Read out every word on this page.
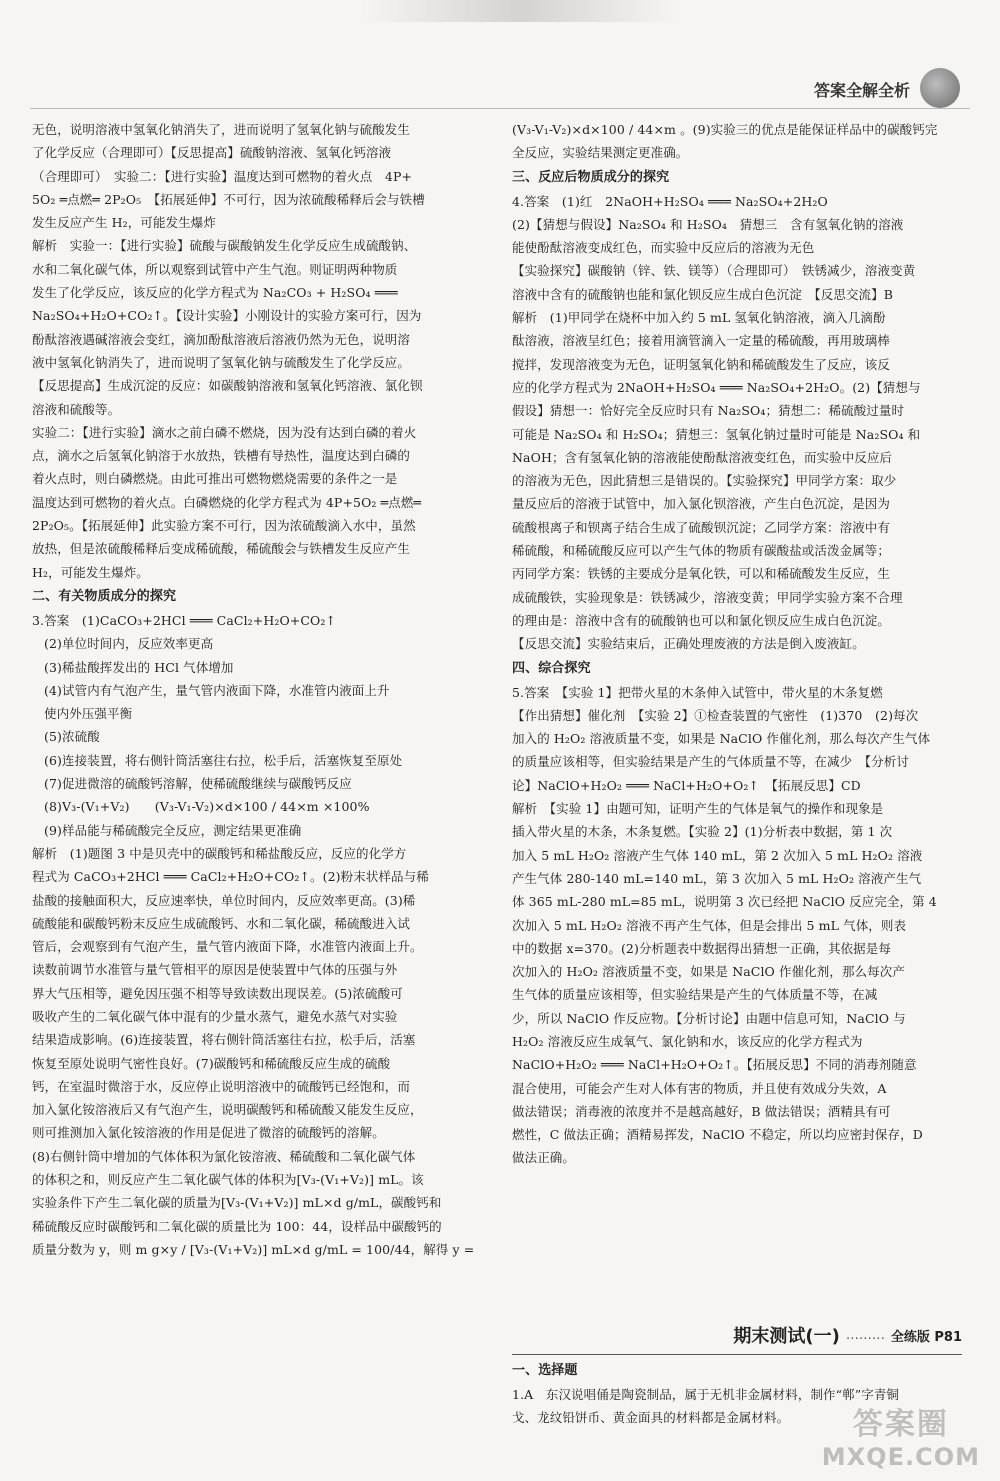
答案全解全析
无色，说明溶液中氢氧化钠消失了，进而说明了氢氧化钠与硫酸发生
了化学反应（合理即可）【反思提高】硫酸钠溶液、氢氧化钙溶液
（合理即可）　实验二：【进行实验】温度达到可燃物的着火点　4P+
5O₂ ═点燃═ 2P₂O₅　【拓展延伸】不可行，因为浓硫酸稀释后会与铁槽
发生反应产生 H₂，可能发生爆炸
解析　实验一：【进行实验】硫酸与碳酸钠发生化学反应生成硫酸钠、
水和二氧化碳气体，所以观察到试管中产生气泡。则证明两种物质
发生了化学反应，该反应的化学方程式为 Na₂CO₃ + H₂SO₄ ═══
Na₂SO₄+H₂O+CO₂↑。【设计实验】小刚设计的实验方案可行，因为
酚酞溶液遇碱溶液会变红，滴加酚酞溶液后溶液仍然为无色，说明溶
液中氢氧化钠消失了，进而说明了氢氧化钠与硫酸发生了化学反应。
【反思提高】生成沉淀的反应：如碳酸钠溶液和氢氧化钙溶液、氯化钡
溶液和硫酸等。
实验二：【进行实验】滴水之前白磷不燃烧，因为没有达到白磷的着火
点，滴水之后氢氧化钠溶于水放热，铁槽有导热性，温度达到白磷的
着火点时，则白磷燃烧。由此可推出可燃物燃烧需要的条件之一是
温度达到可燃物的着火点。白磷燃烧的化学方程式为 4P+5O₂ ═点燃═
2P₂O₅。【拓展延伸】此实验方案不可行，因为浓硫酸滴入水中，虽然
放热，但是浓硫酸稀释后变成稀硫酸，稀硫酸会与铁槽发生反应产生
H₂，可能发生爆炸。
二、有关物质成分的探究
3.答案　(1)CaCO₃+2HCl ═══ CaCl₂+H₂O+CO₂↑
(2)单位时间内，反应效率更高
(3)稀盐酸挥发出的 HCl 气体增加
(4)试管内有气泡产生，量气管内液面下降，水准管内液面上升
使内外压强平衡
(5)浓硫酸
(6)连接装置，将右侧针筒活塞往右拉，松手后，活塞恢复至原处
(7)促进微溶的硫酸钙溶解，使稀硫酸继续与碳酸钙反应
(8)V₃-(V₁+V₂)　　(V₃-V₁-V₂)×d×100 / 44×m ×100%
(9)样品能与稀硫酸完全反应，测定结果更准确
解析　(1)题图 3 中是贝壳中的碳酸钙和稀盐酸反应，反应的化学方
程式为 CaCO₃+2HCl ═══ CaCl₂+H₂O+CO₂↑。(2)粉末状样品与稀
盐酸的接触面积大，反应速率快，单位时间内，反应效率更高。(3)稀
硫酸能和碳酸钙粉末反应生成硫酸钙、水和二氧化碳，稀硫酸进入试
管后，会观察到有气泡产生，量气管内液面下降，水准管内液面上升。
读数前调节水准管与量气管相平的原因是使装置中气体的压强与外
界大气压相等，避免因压强不相等导致读数出现误差。(5)浓硫酸可
吸收产生的二氧化碳气体中混有的少量水蒸气，避免水蒸气对实验
结果造成影响。(6)连接装置，将右侧针筒活塞往右拉，松手后，活塞
恢复至原处说明气密性良好。(7)碳酸钙和稀硫酸反应生成的硫酸
钙，在室温时微溶于水，反应停止说明溶液中的硫酸钙已经饱和，而
加入氯化铵溶液后又有气泡产生，说明碳酸钙和稀硫酸又能发生反应，
则可推测加入氯化铵溶液的作用是促进了微溶的硫酸钙的溶解。
(8)右侧针筒中增加的气体体积为氯化铵溶液、稀硫酸和二氧化碳气体
的体积之和，则反应产生二氧化碳气体的体积为[V₃-(V₁+V₂)] mL。该
实验条件下产生二氧化碳的质量为[V₃-(V₁+V₂)] mL×d g/mL，碳酸钙和
稀硫酸反应时碳酸钙和二氧化碳的质量比为 100：44，设样品中碳酸钙的
质量分数为 y，则 m g×y / [V₃-(V₁+V₂)] mL×d g/mL = 100/44，解得 y =
(V₃-V₁-V₂)×d×100 / 44×m 。(9)实验三的优点是能保证样品中的碳酸钙完
全反应，实验结果测定更准确。
三、反应后物质成分的探究
4.答案　(1)红　2NaOH+H₂SO₄ ═══ Na₂SO₄+2H₂O
(2)【猜想与假设】Na₂SO₄ 和 H₂SO₄　猜想三　含有氢氧化钠的溶液
能使酚酞溶液变成红色，而实验中反应后的溶液为无色
【实验探究】碳酸钠（锌、铁、镁等）（合理即可）　铁锈减少，溶液变黄
溶液中含有的硫酸钠也能和氯化钡反应生成白色沉淀　【反思交流】B
解析　(1)甲同学在烧杯中加入约 5 mL 氢氧化钠溶液，滴入几滴酚
酞溶液，溶液呈红色；接着用滴管滴入一定量的稀硫酸，再用玻璃棒
搅拌，发现溶液变为无色，证明氢氧化钠和稀硫酸发生了反应，该反
应的化学方程式为 2NaOH+H₂SO₄ ═══ Na₂SO₄+2H₂O。(2)【猜想与
假设】猜想一：恰好完全反应时只有 Na₂SO₄；猜想二：稀硫酸过量时
可能是 Na₂SO₄ 和 H₂SO₄；猜想三：氢氧化钠过量时可能是 Na₂SO₄ 和
NaOH；含有氢氧化钠的溶液能使酚酞溶液变红色，而实验中反应后
的溶液为无色，因此猜想三是错误的。【实验探究】甲同学方案：取少
量反应后的溶液于试管中，加入氯化钡溶液，产生白色沉淀，是因为
硫酸根离子和钡离子结合生成了硫酸钡沉淀；乙同学方案：溶液中有
稀硫酸，和稀硫酸反应可以产生气体的物质有碳酸盐或活泼金属等；
丙同学方案：铁锈的主要成分是氧化铁，可以和稀硫酸发生反应，生
成硫酸铁，实验现象是：铁锈减少，溶液变黄；甲同学实验方案不合理
的理由是：溶液中含有的硫酸钠也可以和氯化钡反应生成白色沉淀。
【反思交流】实验结束后，正确处理废液的方法是倒入废液缸。
四、综合探究
5.答案　【实验 1】把带火星的木条伸入试管中，带火星的木条复燃
【作出猜想】催化剂　【实验 2】①检查装置的气密性　(1)370　(2)每次
加入的 H₂O₂ 溶液质量不变，如果是 NaClO 作催化剂，那么每次产生气体
的质量应该相等，但实验结果是产生的气体质量不等，在减少　【分析讨
论】NaClO+H₂O₂ ═══ NaCl+H₂O+O₂↑　【拓展反思】CD
解析　【实验 1】由题可知，证明产生的气体是氧气的操作和现象是
插入带火星的木条，木条复燃。【实验 2】(1)分析表中数据，第 1 次
加入 5 mL H₂O₂ 溶液产生气体 140 mL，第 2 次加入 5 mL H₂O₂ 溶液
产生气体 280-140 mL=140 mL，第 3 次加入 5 mL H₂O₂ 溶液产生气
体 365 mL-280 mL=85 mL，说明第 3 次已经把 NaClO 反应完全，第 4
次加入 5 mL H₂O₂ 溶液不再产生气体，但是会排出 5 mL 气体，则表
中的数据 x=370。(2)分析题表中数据得出猜想一正确，其依据是每
次加入的 H₂O₂ 溶液质量不变，如果是 NaClO 作催化剂，那么每次产
生气体的质量应该相等，但实验结果是产生的气体质量不等，在减
少，所以 NaClO 作反应物。【分析讨论】由题中信息可知，NaClO 与
H₂O₂ 溶液反应生成氧气、氯化钠和水，该反应的化学方程式为
NaClO+H₂O₂ ═══ NaCl+H₂O+O₂↑。【拓展反思】不同的消毒剂随意
混合使用，可能会产生对人体有害的物质，并且使有效成分失效，A
做法错误；消毒液的浓度并不是越高越好，B 做法错误；酒精具有可
燃性，C 做法正确；酒精易挥发，NaClO 不稳定，所以均应密封保存，D
做法正确。
期末测试(一) ……… 全练版 P81
一、选择题
1.A　东汉说唱俑是陶瓷制品，属于无机非金属材料，制作“郸”字青铜
戈、龙纹铅饼币、黄金面具的材料都是金属材料。	答案圈
MXQE.COM
